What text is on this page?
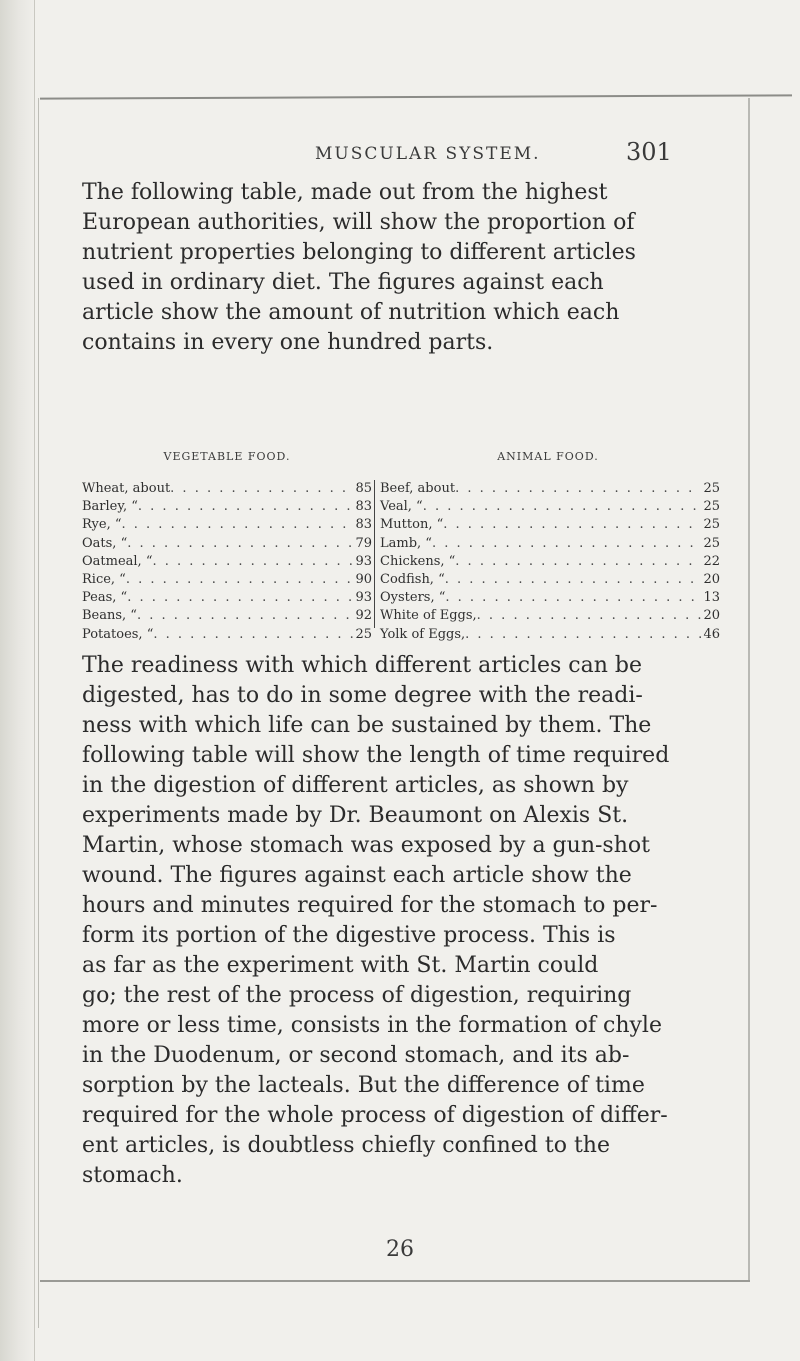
MUSCULAR SYSTEM.	301
The following table, made out from the highest
European authorities, will show the proportion of
nutrient properties belonging to different articles
used in ordinary diet. The figures against each
article show the amount of nutrition which each
contains in every one hundred parts.
VEGETABLE FOOD.	ANIMAL FOOD.
Wheat, about . . .	85
Barley, “ . . .	83
Rye, “ . . .	83
Oats, “ . . .	79
Oatmeal, “ . . .	93
Rice, “ . . .	90
Peas, “ . . .	93
Beans, “ . . .	92
Potatoes, “ . . .	25
Beef, about . . .	25
Veal, “ . . .	25
Mutton, “ . . .	25
Lamb, “ . . .	25
Chickens, “ . . .	22
Codfish, “ . . .	20
Oysters, “ . . .	13
White of Eggs, . . .	20
Yolk of Eggs, . . .	46
The readiness with which different articles can be
digested, has to do in some degree with the readi-
ness with which life can be sustained by them. The
following table will show the length of time required
in the digestion of different articles, as shown by
experiments made by Dr. Beaumont on Alexis St.
Martin, whose stomach was exposed by a gun-shot
wound. The figures against each article show the
hours and minutes required for the stomach to per-
form its portion of the digestive process. This is
as far as the experiment with St. Martin could
go; the rest of the process of digestion, requiring
more or less time, consists in the formation of chyle
in the Duodenum, or second stomach, and its ab-
sorption by the lacteals. But the difference of time
required for the whole process of digestion of differ-
ent articles, is doubtless chiefly confined to the
stomach.
26
